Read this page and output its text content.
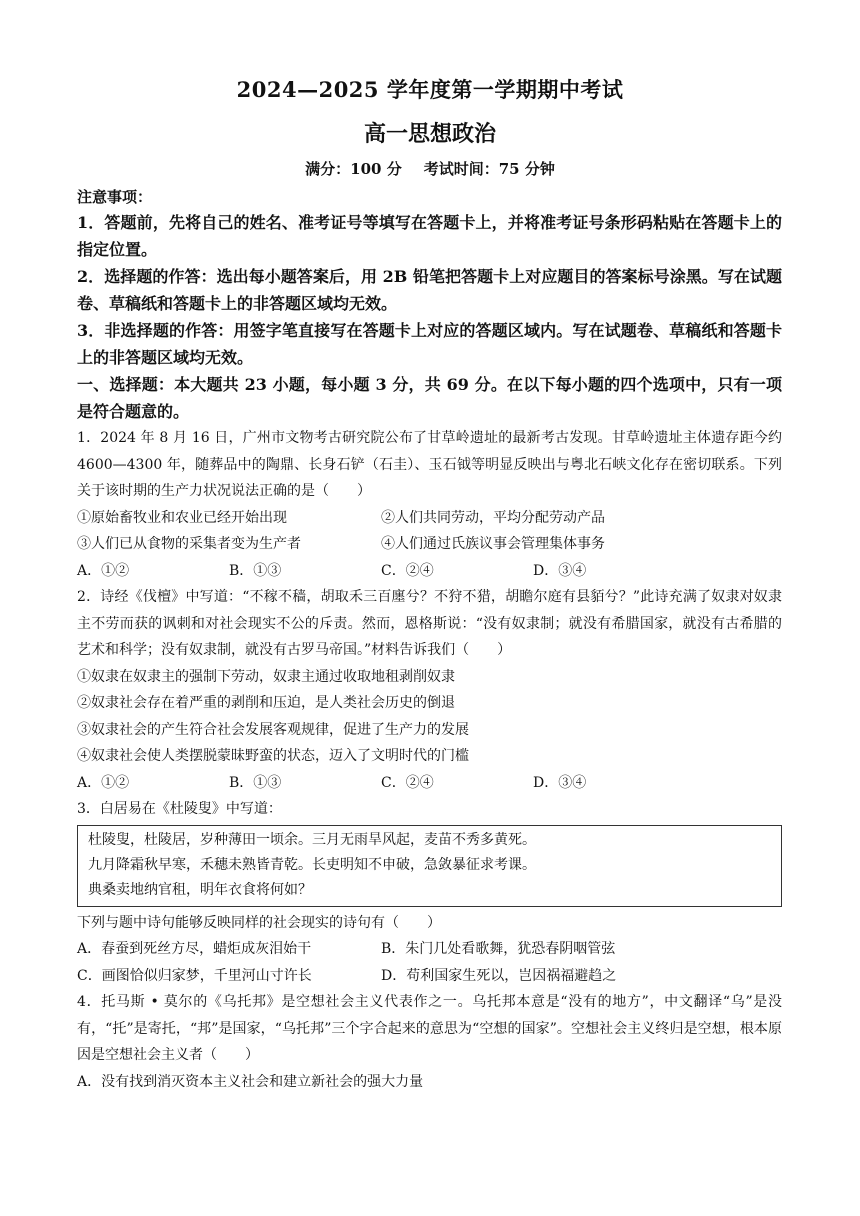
2024—2025 学年度第一学期期中考试
高一思想政治
满分：100 分 考试时间：75 分钟
注意事项：
1．答题前，先将自己的姓名、准考证号等填写在答题卡上，并将准考证号条形码粘贴在答题卡上的指定位置。
2．选择题的作答：选出每小题答案后，用 2B 铅笔把答题卡上对应题目的答案标号涂黑。写在试题卷、草稿纸和答题卡上的非答题区域均无效。
3．非选择题的作答：用签字笔直接写在答题卡上对应的答题区域内。写在试题卷、草稿纸和答题卡上的非答题区域均无效。
一、选择题：本大题共 23 小题，每小题 3 分，共 69 分。在以下每小题的四个选项中，只有一项是符合题意的。
1．2024 年 8 月 16 日，广州市文物考古研究院公布了甘草岭遗址的最新考古发现。甘草岭遗址主体遗存距今约 4600—4300 年，随葬品中的陶鼎、长身石铲（石圭）、玉石钺等明显反映出与粤北石峡文化存在密切联系。下列关于该时期的生产力状况说法正确的是（　　）
①原始畜牧业和农业已经开始出现	②人们共同劳动，平均分配劳动产品
③人们已从食物的采集者变为生产者	④人们通过氏族议事会管理集体事务
A．①②	B．①③	C．②④	D．③④
2．诗经《伐檀》中写道：“不稼不穑，胡取禾三百廛兮？不狩不猎，胡瞻尔庭有县貊兮？”此诗充满了奴隶对奴隶主不劳而获的讽刺和对社会现实不公的斥责。然而，恩格斯说：“没有奴隶制；就没有希腊国家，就没有古希腊的艺术和科学；没有奴隶制，就没有古罗马帝国。”材料告诉我们（　　）
①奴隶在奴隶主的强制下劳动，奴隶主通过收取地租剥削奴隶
②奴隶社会存在着严重的剥削和压迫，是人类社会历史的倒退
③奴隶社会的产生符合社会发展客观规律，促进了生产力的发展
④奴隶社会使人类摆脱蒙昧野蛮的状态，迈入了文明时代的门槛
A．①②	B．①③	C．②④	D．③④
3．白居易在《杜陵叟》中写道：
杜陵叟，杜陵居，岁种薄田一顷余。三月无雨旱风起，麦苗不秀多黄死。
九月降霜秋早寒，禾穗未熟皆青乾。长吏明知不申破，急敛暴征求考课。
典桑卖地纳官租，明年衣食将何如？
下列与题中诗句能够反映同样的社会现实的诗句有（　　）
A．春蚕到死丝方尽，蜡炬成灰泪始干	B．朱门几处看歌舞，犹恐春阴咽管弦
C．画图恰似归家梦，千里河山寸许长	D．苟利国家生死以，岂因祸福避趋之
4．托马斯 • 莫尔的《乌托邦》是空想社会主义代表作之一。乌托邦本意是“没有的地方”，中文翻译“乌”是没有，“托”是寄托，“邦”是国家，“乌托邦”三个字合起来的意思为“空想的国家”。空想社会主义终归是空想，根本原因是空想社会主义者（　　）
A．没有找到消灭资本主义社会和建立新社会的强大力量
